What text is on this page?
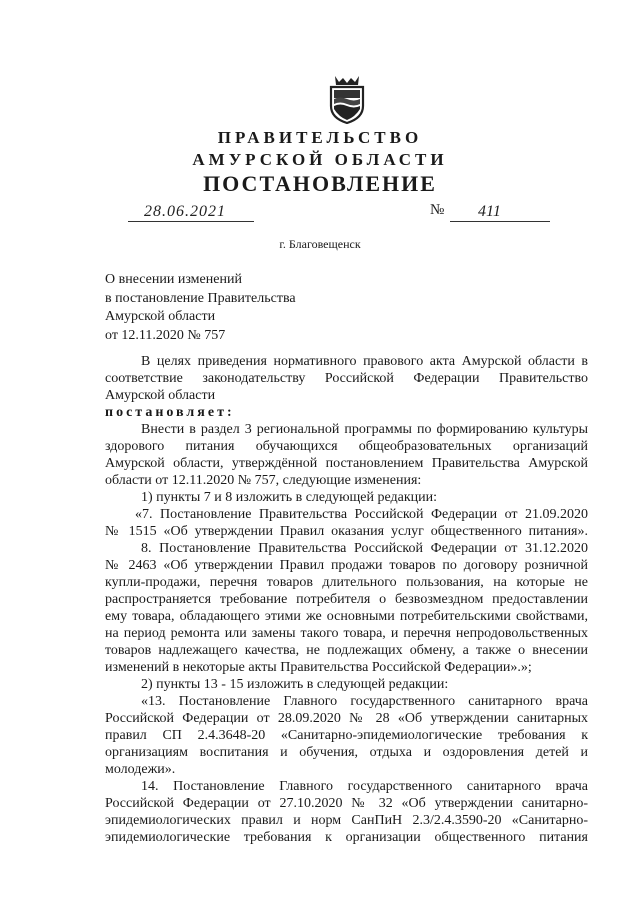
ПРАВИТЕЛЬСТВО
АМУРСКОЙ ОБЛАСТИ
ПОСТАНОВЛЕНИЕ
28.06.2021	№ 411
г. Благовещенск
О внесении изменений
в постановление Правительства
Амурской области
от 12.11.2020 № 757
В целях приведения нормативного правового акта Амурской области в
соответствие законодательству Российской Федерации Правительство
Амурской области
постановляет:
Внести в раздел 3 региональной программы по формированию культуры
здорового питания обучающихся общеобразовательных организаций
Амурской области, утверждённой постановлением Правительства Амурской
области от 12.11.2020 № 757, следующие изменения:
1) пункты 7 и 8 изложить в следующей редакции:
«7. Постановление Правительства Российской Федерации от 21.09.2020
№ 1515 «Об утверждении Правил оказания услуг общественного питания».
8. Постановление Правительства Российской Федерации от 31.12.2020
№ 2463 «Об утверждении Правил продажи товаров по договору розничной
купли-продажи, перечня товаров длительного пользования, на которые не
распространяется требование потребителя о безвозмездном предоставлении
ему товара, обладающего этими же основными потребительскими свойствами,
на период ремонта или замены такого товара, и перечня непродовольственных
товаров надлежащего качества, не подлежащих обмену, а также о внесении
изменений в некоторые акты Правительства Российской Федерации».»;
2) пункты 13 - 15 изложить в следующей редакции:
«13. Постановление Главного государственного санитарного врача
Российской Федерации от 28.09.2020 № 28 «Об утверждении санитарных
правил СП 2.4.3648-20 «Санитарно-эпидемиологические требования к
организациям воспитания и обучения, отдыха и оздоровления детей и
молодежи».
14. Постановление Главного государственного санитарного врача
Российской Федерации от 27.10.2020 № 32 «Об утверждении санитарно-
эпидемиологических правил и норм СанПиН 2.3/2.4.3590-20 «Санитарно-
эпидемиологические требования к организации общественного питания
